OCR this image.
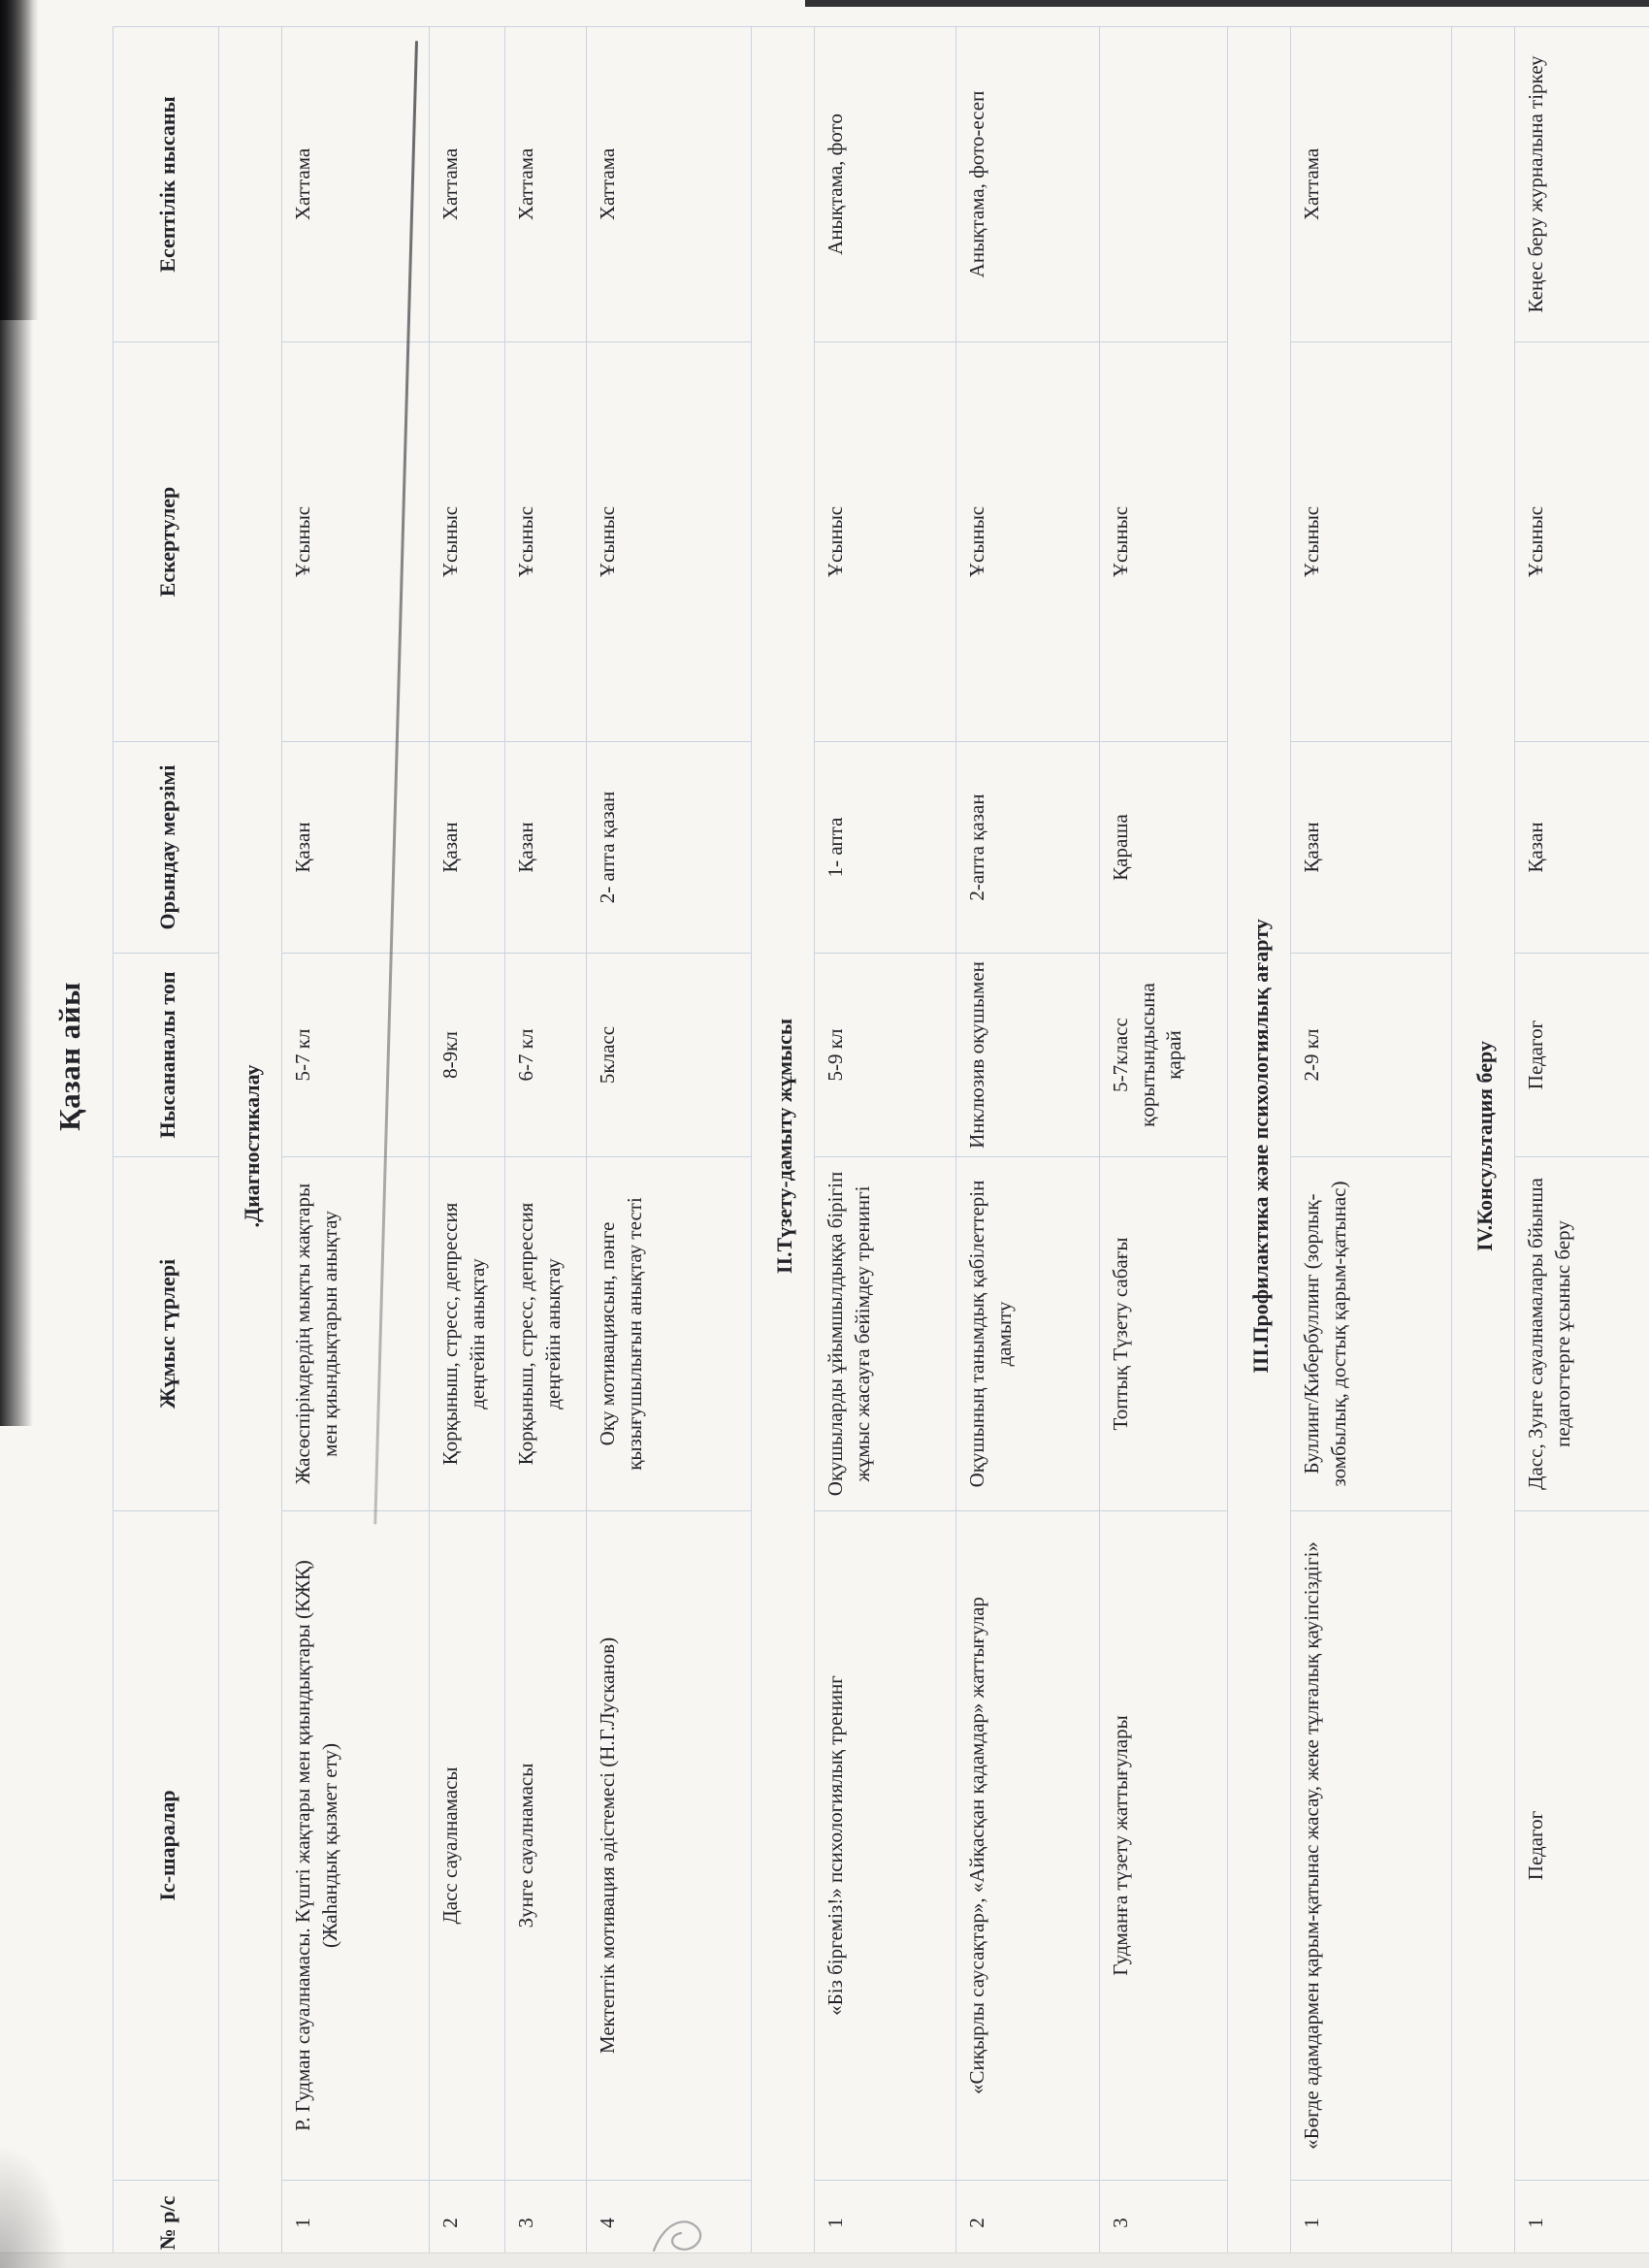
Қазан айы
№ р/с	Іс-шаралар	Жұмыс түрлері	Нысананалы топ	Орындау мерзімі	Ескертулер	Есептілік нысаны
.Диагностикалау						
1	Р. Гудман сауалнамасы. Күшті жақтары мен қиындықтары (КЖҚ) (Жаһандық қызмет ету)	Жасөспірімдердің мықты жақтары мен қиындықтарын анықтау	5-7 кл	Қазан	Ұсыныс	Хаттама
2	Дасс сауалнамасы	Қорқыныш, стресс, депрессия деңгейін анықтау	8-9кл	Қазан	Ұсыныс	Хаттама
3	Зунге сауалнамасы	Қорқыныш, стресс, депрессия деңгейін анықтау	6-7 кл	Қазан	Ұсыныс	Хаттама
4	Мектептік мотивация әдістемесі (Н.Г.Лусканов)	Оқу мотивациясын, пәнге қызығушылығын анықтау тесті	5класс	2- апта қазан	Ұсыныс	Хаттама
II.Түзету-дамыту жұмысы						
1	«Біз біргеміз!» психологиялық тренинг	Оқушыларды ұйымшылдыққа бірігіп жұмыс жасауға бейімдеу тренингі	5-9 кл	1- апта	Ұсыныс	Анықтама, фото
2	«Сиқырлы саусақтар», «Айқасқан қадамдар» жаттығулар	Оқушының танымдық қабілеттерін дамыту	Инклюзив оқушымен	2-апта қазан	Ұсыныс	Анықтама, фото-есеп
3	Гудманға түзету жаттығулары	Топтық Түзету сабағы	5-7класс қорытындысына қарай	Қараша	Ұсыныс	
III.Профилактика және психологиялық ағарту						
1	«Бөгде адамдармен қарым-қатынас жасау, жеке тұлғалық қауіпсіздігі»	Буллинг/Кибербуллинг (зорлық-зомбылық, достық қарым-қатынас)	2-9 кл	Қазан	Ұсыныс	Хаттама
IV.Консультация беру						
1	Педагог	Дасс, Зунге сауалнамалары бйынша педагогтерге ұсыныс беру	Педагог	Қазан	Ұсыныс	Кеңес беру журналына тіркеу
